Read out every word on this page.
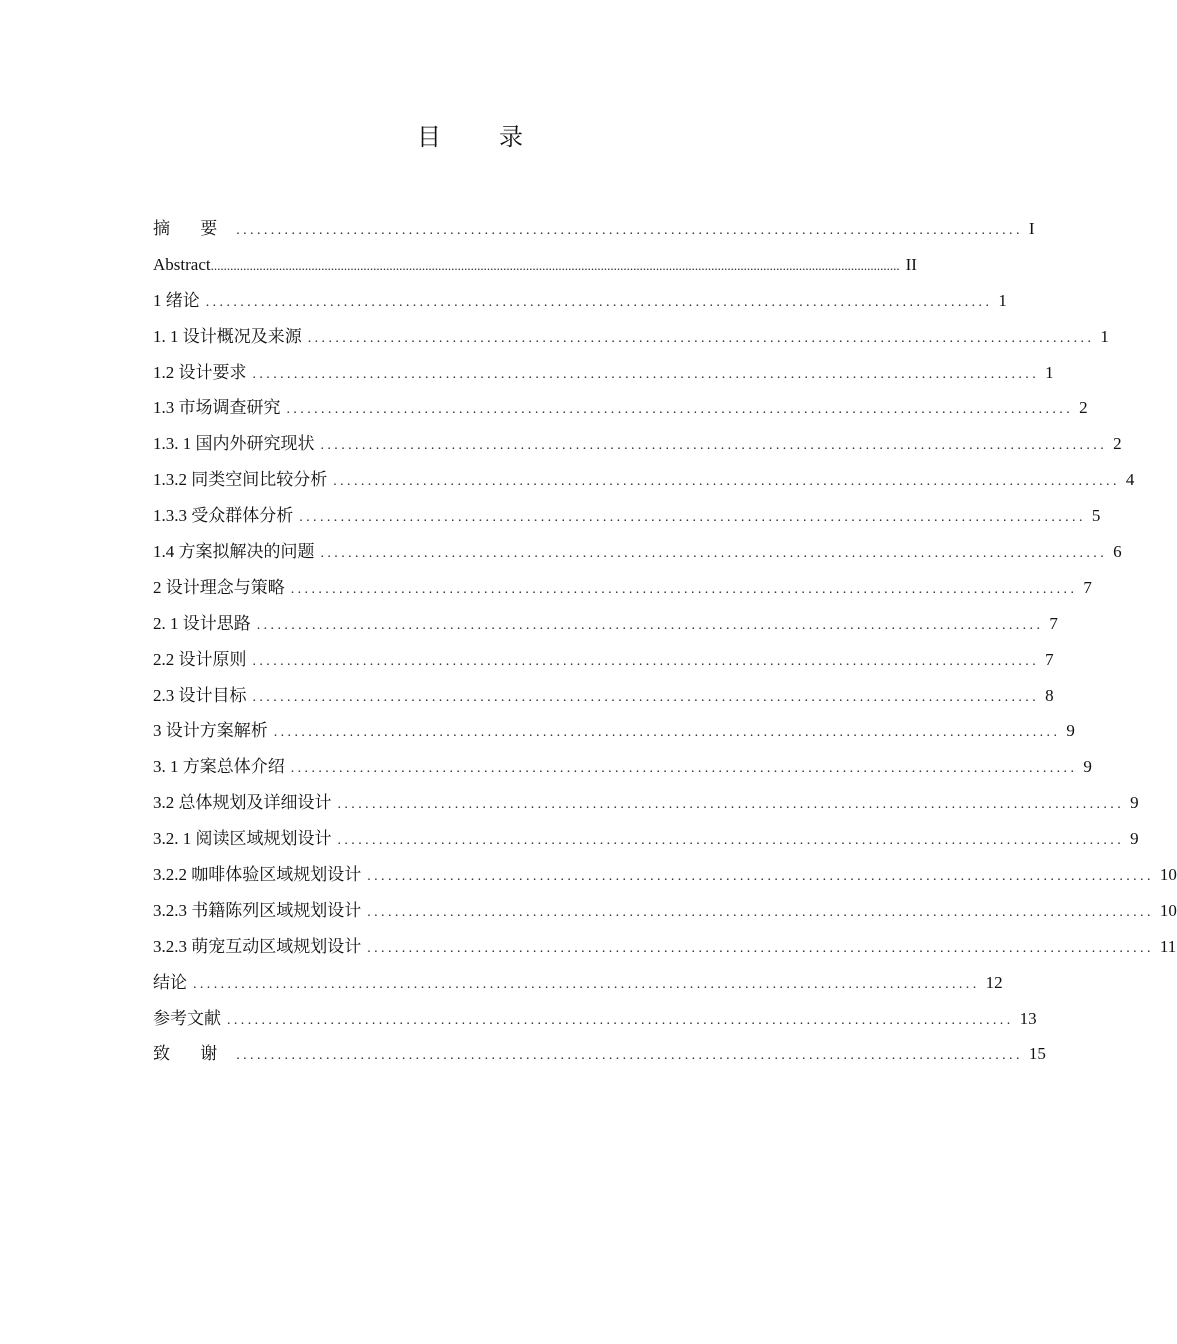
目 录
摘 要 .................................................................................................................. I
Abstract .................................................................................................................................................................................................................... II
1 绪论 .................................................................................................................. 1
1. 1 设计概况及来源 .................................................................................................................. 1
1.2 设计要求 .................................................................................................................. 1
1.3 市场调查研究 .................................................................................................................. 2
1.3. 1 国内外研究现状 .................................................................................................................. 2
1.3.2 同类空间比较分析 .................................................................................................................. 4
1.3.3 受众群体分析 .................................................................................................................. 5
1.4 方案拟解决的问题 .................................................................................................................. 6
2 设计理念与策略 .................................................................................................................. 7
2. 1 设计思路 .................................................................................................................. 7
2.2 设计原则 .................................................................................................................. 7
2.3 设计目标 .................................................................................................................. 8
3 设计方案解析 .................................................................................................................. 9
3. 1 方案总体介绍 .................................................................................................................. 9
3.2 总体规划及详细设计 .................................................................................................................. 9
3.2. 1 阅读区域规划设计 .................................................................................................................. 9
3.2.2 咖啡体验区域规划设计 .................................................................................................................. 10
3.2.3 书籍陈列区域规划设计 .................................................................................................................. 10
3.2.3 萌宠互动区域规划设计 .................................................................................................................. 11
结论 .................................................................................................................. 12
参考文献 .................................................................................................................. 13
致 谢 .................................................................................................................. 15
